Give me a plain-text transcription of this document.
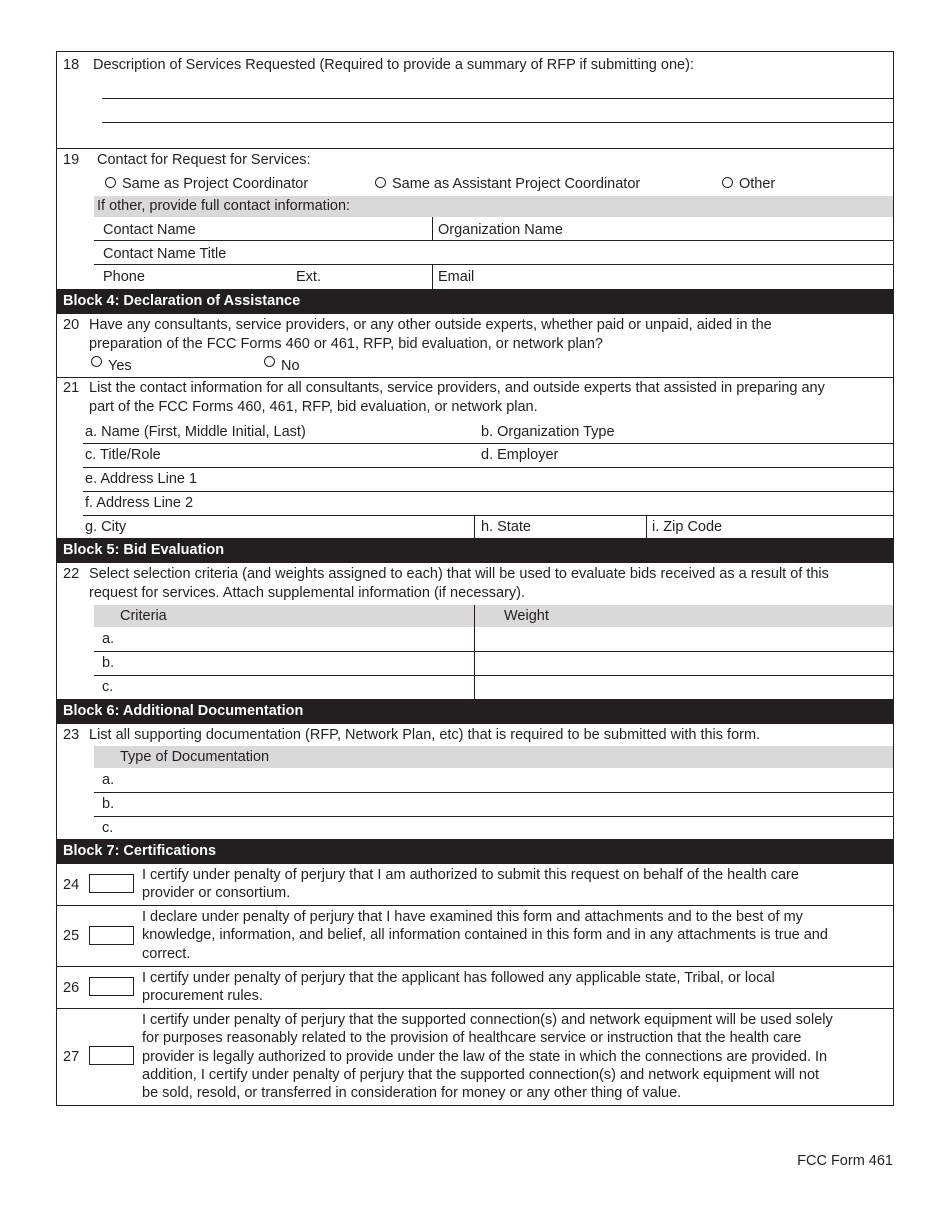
18 Description of Services Requested (Required to provide a summary of RFP if submitting one):
19 Contact for Request for Services:
Same as Project Coordinator	Same as Assistant Project Coordinator	Other
If other, provide full contact information:
Contact Name	Organization Name
Contact Name Title
Phone	Ext.	Email
Block 4: Declaration of Assistance
20 Have any consultants, service providers, or any other outside experts, whether paid or unpaid, aided in the
preparation of the FCC Forms 460 or 461, RFP, bid evaluation, or network plan?
Yes	No
21 List the contact information for all consultants, service providers, and outside experts that assisted in preparing any
part of the FCC Forms 460, 461, RFP, bid evaluation, or network plan.
a. Name (First, Middle Initial, Last)	b. Organization Type
c. Title/Role	d. Employer
e. Address Line 1
f. Address Line 2
g. City	h. State	i. Zip Code
Block 5: Bid Evaluation
22 Select selection criteria (and weights assigned to each) that will be used to evaluate bids received as a result of this
request for services. Attach supplemental information (if necessary).
Criteria	Weight
a.
b.
c.
Block 6: Additional Documentation
23 List all supporting documentation (RFP, Network Plan, etc) that is required to be submitted with this form.
Type of Documentation
a.
b.
c.
Block 7: Certifications
24
I certify under penalty of perjury that I am authorized to submit this request on behalf of the health care
provider or consortium.
25
I declare under penalty of perjury that I have examined this form and attachments and to the best of my
knowledge, information, and belief, all information contained in this form and in any attachments is true and
correct.
26
I certify under penalty of perjury that the applicant has followed any applicable state, Tribal, or local
procurement rules.
27
I certify under penalty of perjury that the supported connection(s) and network equipment will be used solely
for purposes reasonably related to the provision of healthcare service or instruction that the health care
provider is legally authorized to provide under the law of the state in which the connections are provided. In
addition, I certify under penalty of perjury that the supported connection(s) and network equipment will not
be sold, resold, or transferred in consideration for money or any other thing of value.
FCC Form 461
